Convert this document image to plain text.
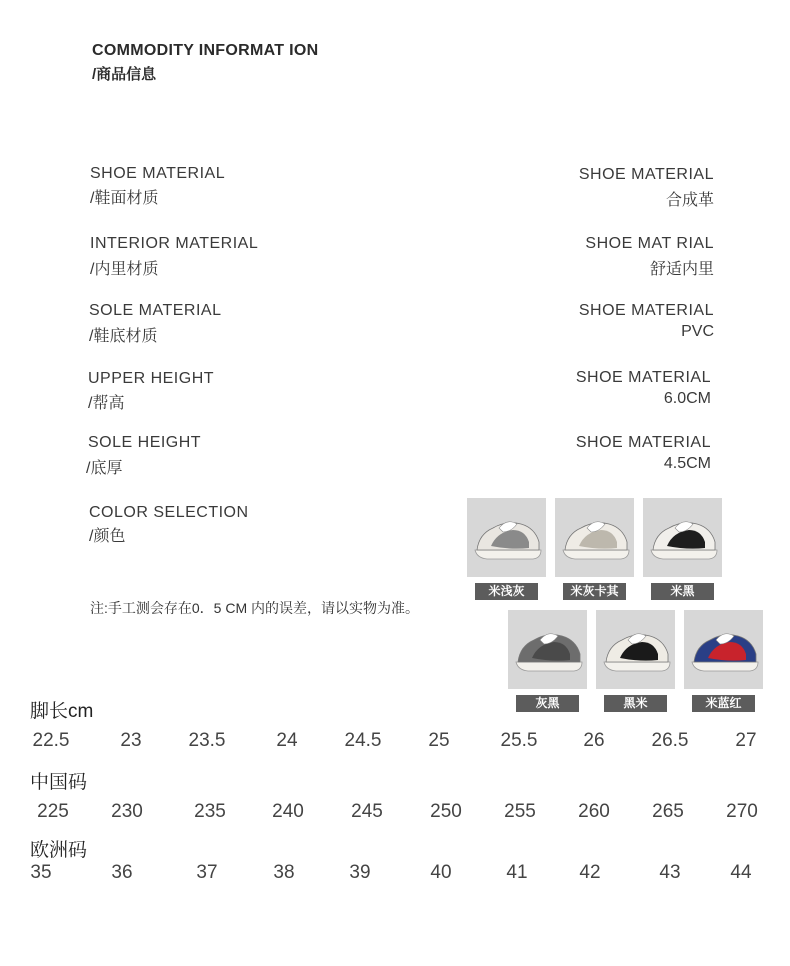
COMMODITY INFORMAT ION
/商品信息
SHOE MATERIAL
/鞋面材质
SHOE MATERIAL
合成革
INTERIOR MATERIAL
/内里材质
SHOE MAT RIAL
舒适内里
SOLE MATERIAL
/鞋底材质
SHOE MATERIAL
PVC
UPPER HEIGHT
/帮高
SHOE MATERIAL
6.0CM
SOLE HEIGHT
/底厚
SHOE MATERIAL
4.5CM
COLOR SELECTION
/颜色
米浅灰	米灰卡其	米黑
灰黑	黑米	米蓝红
注:手工测会存在0．5 CM 内的误差，请以实物为准。
脚长cm
22.5	23 23.5	24 24.5 25	25.5 26 26.5 27
中国码
225 230	235 240 245 250 255 260 265 270
欧洲码
35	36	37	38	39	40	41	42	43	44
